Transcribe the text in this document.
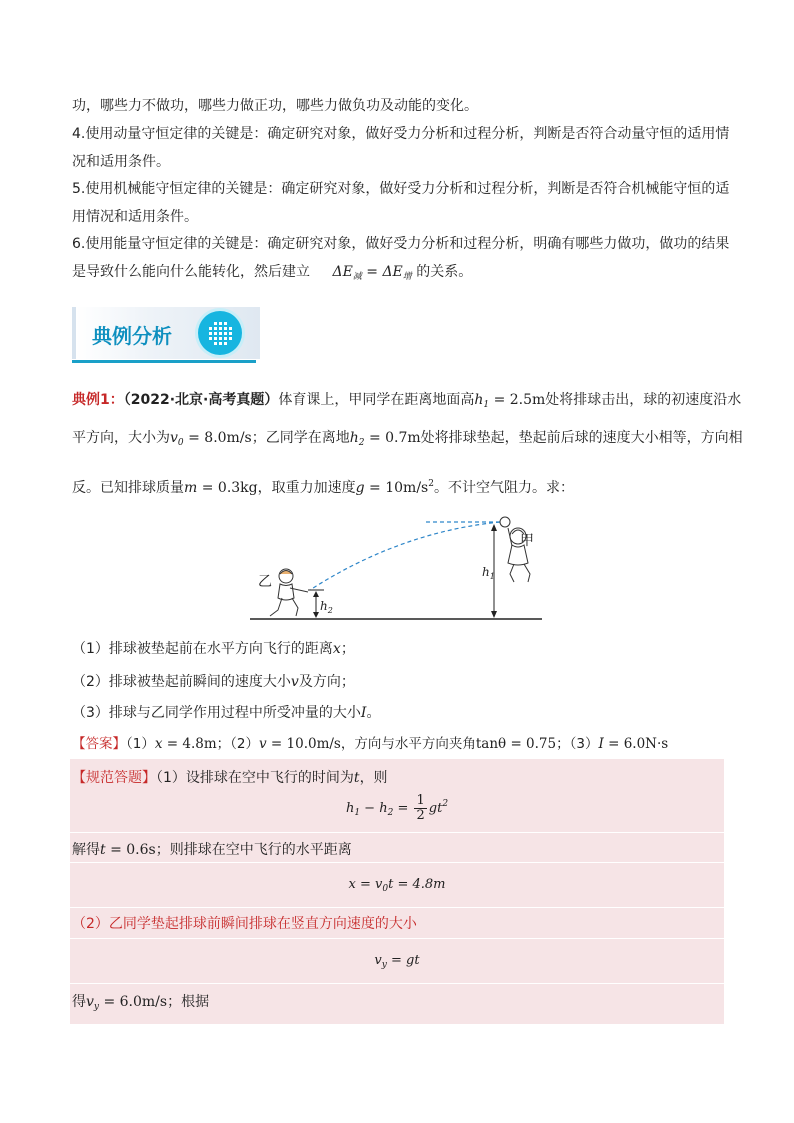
功，哪些力不做功，哪些力做正功，哪些力做负功及动能的变化。
4.使用动量守恒定律的关键是：确定研究对象，做好受力分析和过程分析，判断是否符合动量守恒的适用情
况和适用条件。
5.使用机械能守恒定律的关键是：确定研究对象，做好受力分析和过程分析，判断是否符合机械能守恒的适
用情况和适用条件。
6.使用能量守恒定律的关键是：确定研究对象，做好受力分析和过程分析，明确有哪些力做功，做功的结果
是导致什么能向什么能转化，然后建立 $\Delta E_减 = \Delta E_增$ 的关系。
典例分析
典例1：（2022·北京·高考真题）体育课上，甲同学在距离地面高$h_1 = 2.5m$处将排球击出，球的初速度沿水
平方向，大小为$v_0 = 8.0m/s$；乙同学在离地$h_2 = 0.7m$处将排球垫起，垫起前后球的速度大小相等，方向相
反。已知排球质量m = 0.3kg，取重力加速度$g = 10m/s^2$。不计空气阻力。求：
甲
乙
$h_1$
$h_2$
（1）排球被垫起前在水平方向飞行的距离x；
（2）排球被垫起前瞬间的速度大小v及方向；
（3）排球与乙同学作用过程中所受冲量的大小I。
【答案】（1）x = 4.8m；（2）v = 10.0m/s，方向与水平方向夹角tanθ = 0.75；（3）I = 6.0N·s
【规范答题】（1）设排球在空中飞行的时间为t，则
$h_1 - h_2 = \frac{1}{2} gt^2$
解得t = 0.6s；则排球在空中飞行的水平距离
$x = v_0t = 4.8m$
（2）乙同学垫起排球前瞬间排球在竖直方向速度的大小
$v_y$ = gt
得$v_y = 6.0m/s$；根据
